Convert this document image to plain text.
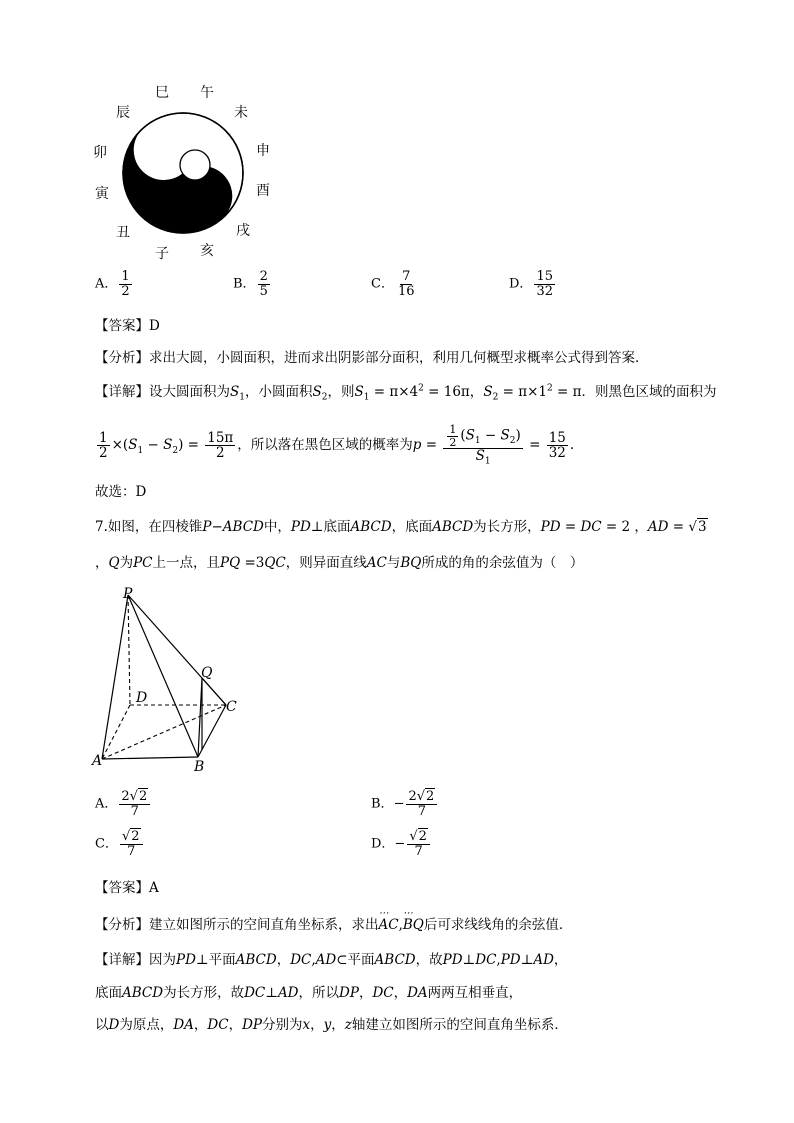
巳 午
未
申
酉
戌
亥
子
丑
寅
卯
辰
A． $\frac{1}{2}$	B． $\frac{2}{5}$	C． $\frac{7}{16}$	D． $\frac{15}{32}$
【答案】D
【分析】求出大圆，小圆面积，进而求出阴影部分面积，利用几何概型求概率公式得到答案．
【详解】设大圆面积为$S_1$，小圆面积$S_2$，则$S_1 = \pi\times 4^2 = 16\pi$，$S_2 = \pi\times 1^2 = \pi$．则黑色区域的面积为
$\frac{1}{2} \times(S_1 - S_2) = \frac{15\pi}{2}$ ，所以落在黑色区域的概率为$p = \frac{\frac{1}{2} (S_1 - S_2)}{S_1} = \frac{15}{32}$ .
故选：D
7.如图，在四棱锥P−ABCD中，PD⊥底面ABCD，底面ABCD为长方形，PD = DC = 2 ，AD = √3
，Q为PC上一点，且PQ =3QC，则异面直线AC与BQ所成的角的余弦值为（　）
P
Q
D
C
A	B
A． $\frac{2√2}{7}$	B．− $\frac{2√2}{7}$
C． $\frac{√2}{7}$	D．− $\frac{√2}{7}$
【答案】A
【分析】建立如图所示的空间直角坐标系，求出⋯ AC,⋯ BQ后可求线线角的余弦值．
【详解】因为PD⊥平面ABCD，DC,AD⊂平面ABCD，故PD⊥DC,PD⊥AD，
底面ABCD为长方形，故DC⊥AD，所以DP，DC，DA两两互相垂直，
以D为原点，DA，DC，DP分别为x，y，z轴建立如图所示的空间直角坐标系．
